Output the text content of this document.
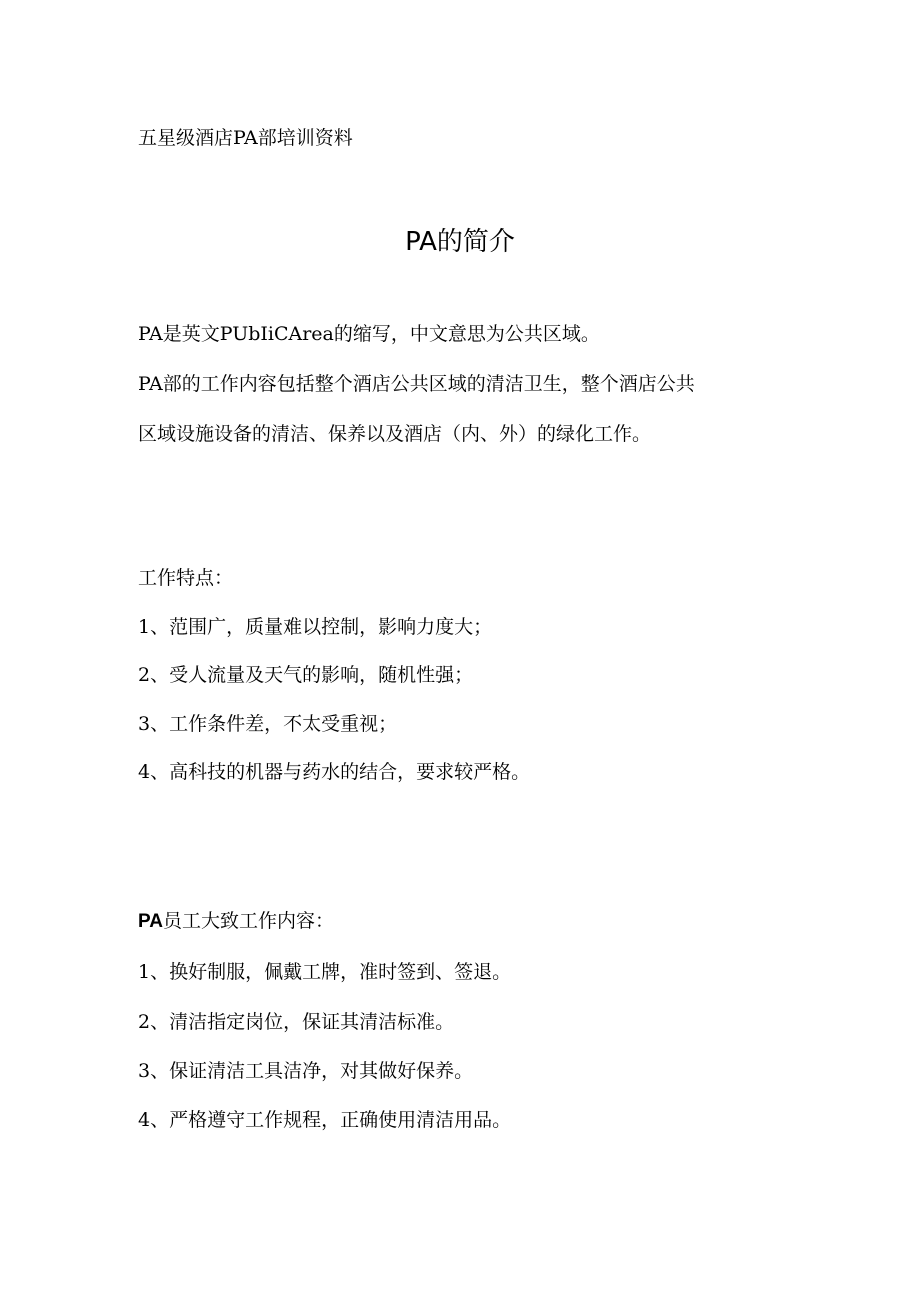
五星级酒店PA部培训资料
PA的简介
PA是英文PUbIiCArea的缩写，中文意思为公共区域。
PA部的工作内容包括整个酒店公共区域的清洁卫生，整个酒店公共
区域设施设备的清洁、保养以及酒店（内、外）的绿化工作。
工作特点：
1、范围广，质量难以控制，影响力度大；
2、受人流量及天气的影响，随机性强；
3、工作条件差，不太受重视；
4、高科技的机器与药水的结合，要求较严格。
PA员工大致工作内容：
1、换好制服，佩戴工牌，准时签到、签退。
2、清洁指定岗位，保证其清洁标准。
3、保证清洁工具洁净，对其做好保养。
4、严格遵守工作规程，正确使用清洁用品。
